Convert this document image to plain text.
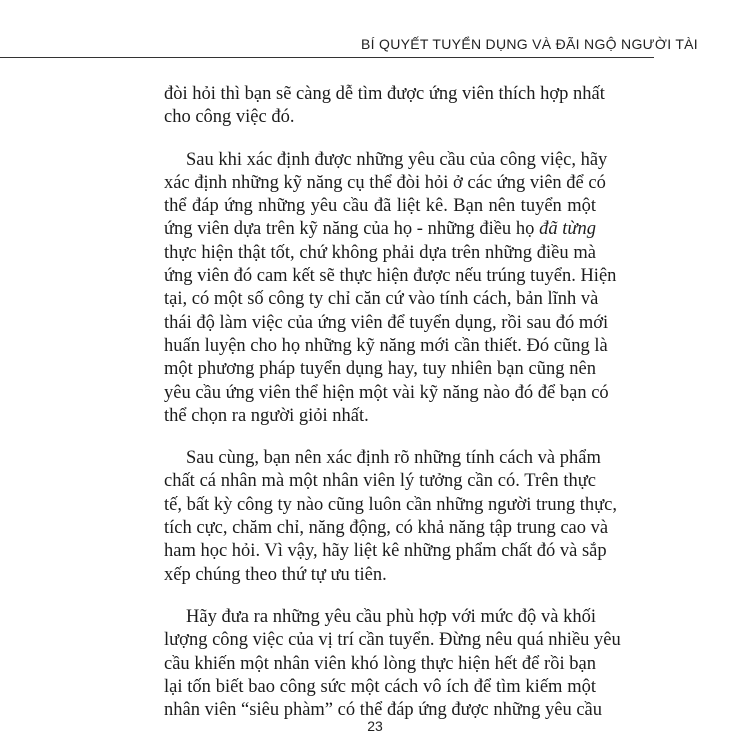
BÍ QUYẾT TUYỂN DỤNG VÀ ĐÃI NGỘ NGƯỜI TÀI

đòi hỏi thì bạn sẽ càng dễ tìm được ứng viên thích hợp nhất
cho công việc đó.

Sau khi xác định được những yêu cầu của công việc, hãy
xác định những kỹ năng cụ thể đòi hỏi ở các ứng viên để có
thể đáp ứng những yêu cầu đã liệt kê. Bạn nên tuyển một
ứng viên dựa trên kỹ năng của họ - những điều họ đã từng
thực hiện thật tốt, chứ không phải dựa trên những điều mà
ứng viên đó cam kết sẽ thực hiện được nếu trúng tuyển. Hiện
tại, có một số công ty chỉ căn cứ vào tính cách, bản lĩnh và
thái độ làm việc của ứng viên để tuyển dụng, rồi sau đó mới
huấn luyện cho họ những kỹ năng mới cần thiết. Đó cũng là
một phương pháp tuyển dụng hay, tuy nhiên bạn cũng nên
yêu cầu ứng viên thể hiện một vài kỹ năng nào đó để bạn có
thể chọn ra người giỏi nhất.

Sau cùng, bạn nên xác định rõ những tính cách và phẩm
chất cá nhân mà một nhân viên lý tưởng cần có. Trên thực
tế, bất kỳ công ty nào cũng luôn cần những người trung thực,
tích cực, chăm chỉ, năng động, có khả năng tập trung cao và
ham học hỏi. Vì vậy, hãy liệt kê những phẩm chất đó và sắp
xếp chúng theo thứ tự ưu tiên.

Hãy đưa ra những yêu cầu phù hợp với mức độ và khối
lượng công việc của vị trí cần tuyển. Đừng nêu quá nhiều yêu
cầu khiến một nhân viên khó lòng thực hiện hết để rồi bạn
lại tốn biết bao công sức một cách vô ích để tìm kiếm một
nhân viên “siêu phàm” có thể đáp ứng được những yêu cầu

23
